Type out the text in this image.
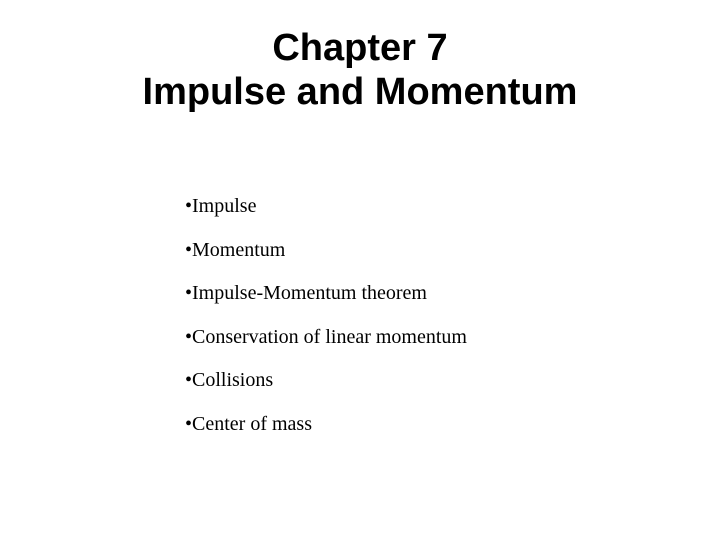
Chapter 7
Impulse and Momentum
•Impulse
•Momentum
•Impulse-Momentum theorem
•Conservation of linear momentum
•Collisions
•Center of mass
